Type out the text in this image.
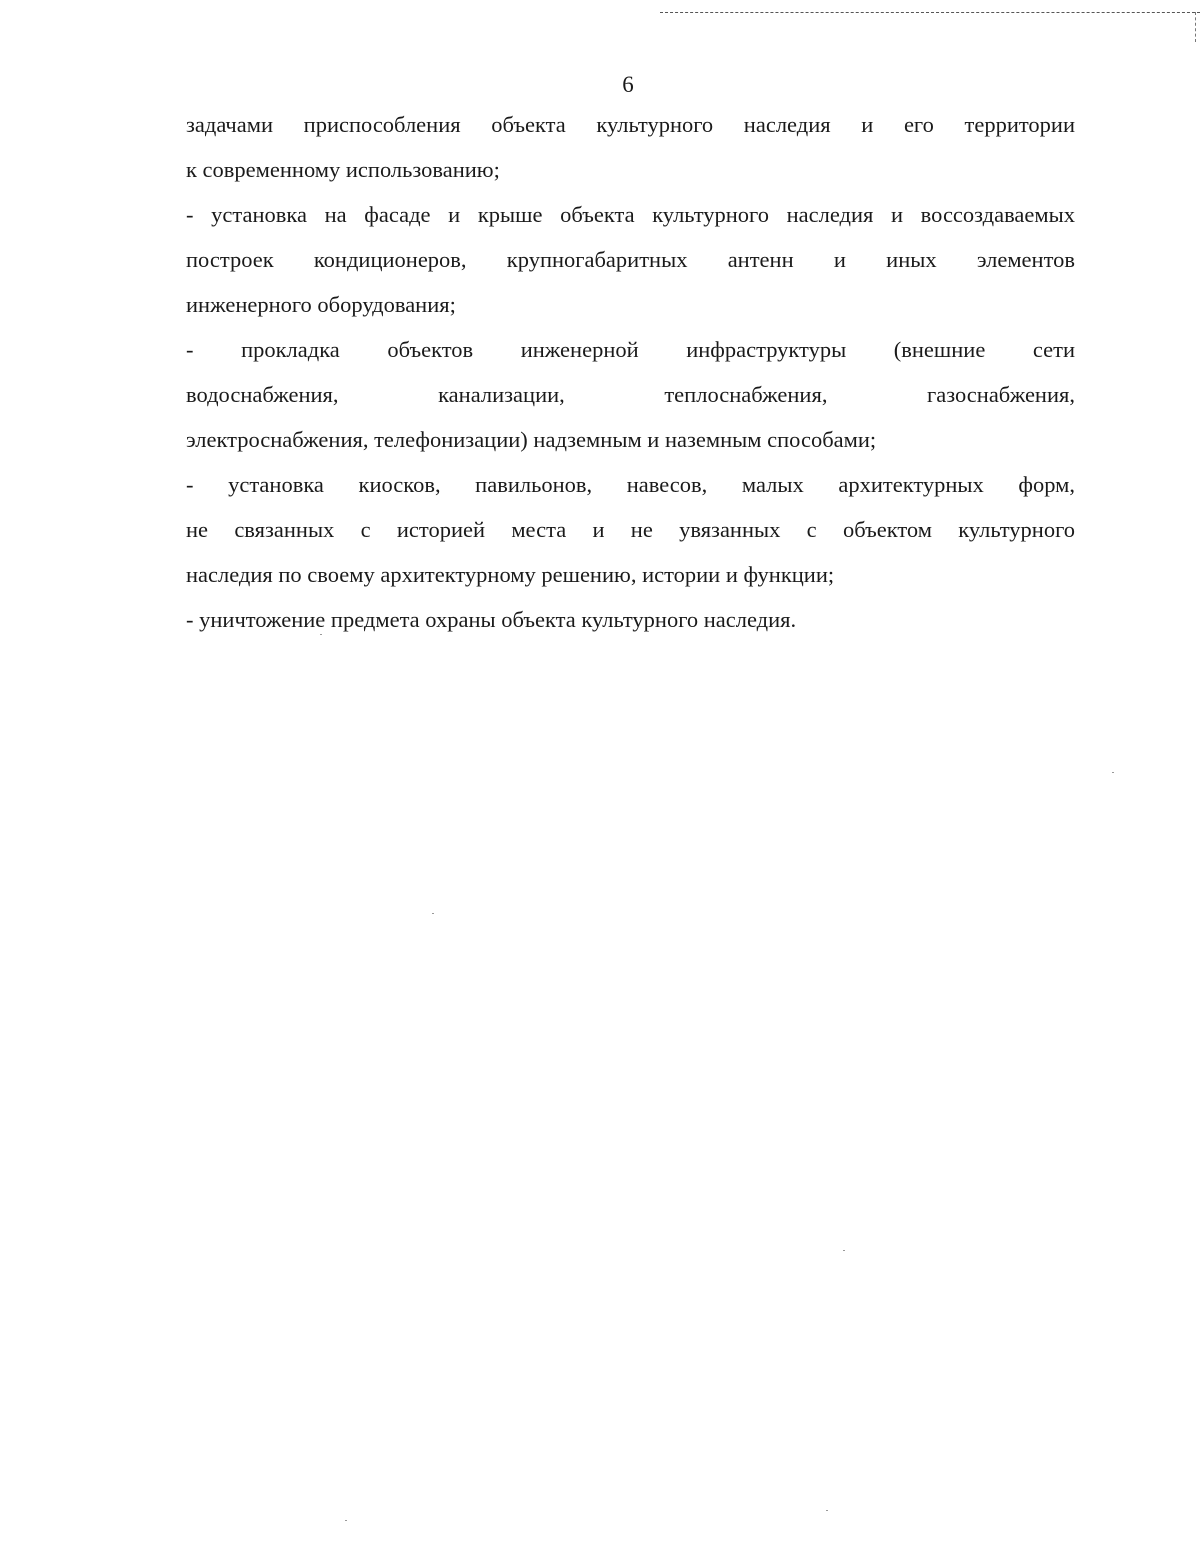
6
задачами приспособления объекта культурного наследия и его территории
к современному использованию;
- установка на фасаде и крыше объекта культурного наследия и воссоздаваемых
построек кондиционеров, крупногабаритных антенн и иных элементов
инженерного оборудования;
- прокладка объектов инженерной инфраструктуры (внешние сети
водоснабжения, канализации, теплоснабжения, газоснабжения,
электроснабжения, телефонизации) надземным и наземным способами;
- установка киосков, павильонов, навесов, малых архитектурных форм,
не связанных с историей места и не увязанных с объектом культурного
наследия по своему архитектурному решению, истории и функции;
- уничтожение предмета охраны объекта культурного наследия.
